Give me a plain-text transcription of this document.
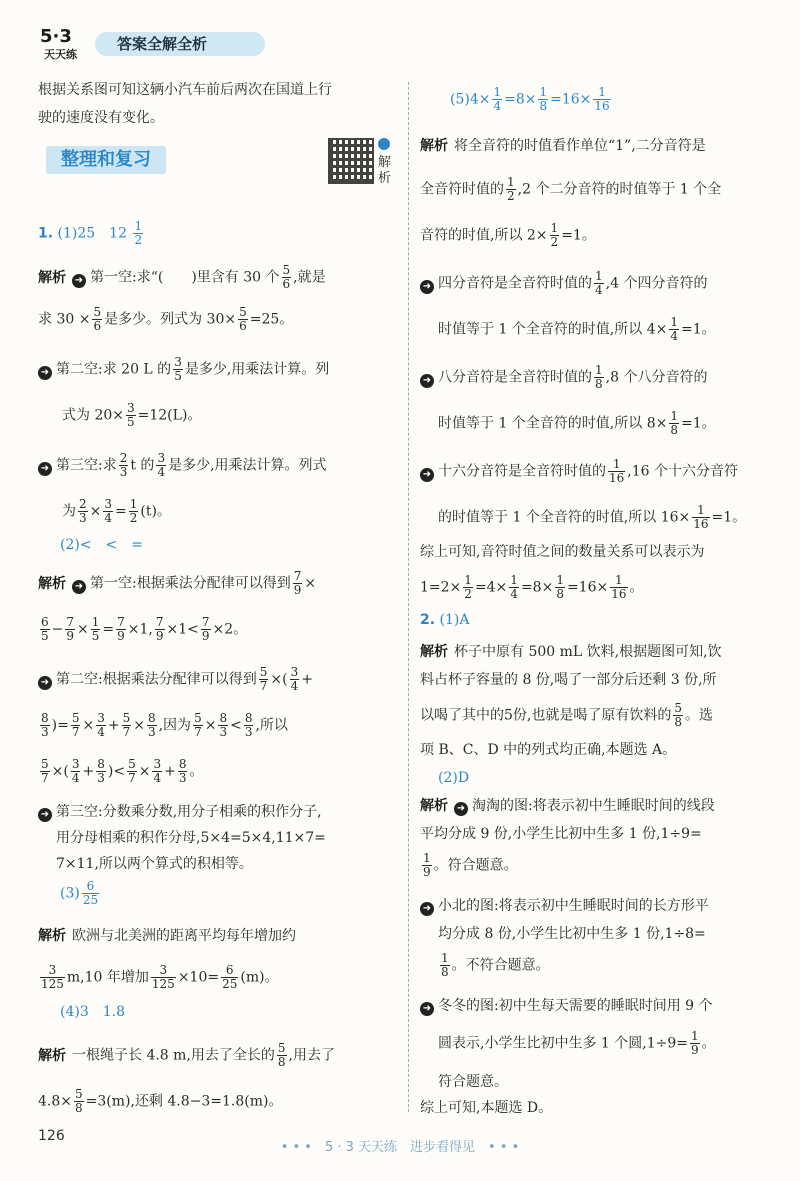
5·3
天天练
答案全解全析
根据关系图可知这辆小汽车前后两次在国道上行
驶的速度没有变化。
整理和复习	解析
1. (1)25　$12 \frac{1}{2}$
解析 ➜ 第一空:求“(　　)里含有 30 个 $\frac{5}{6}$ ,就是
求 $30 \times \frac{5}{6}$ 是多少。列式为 $30\times \frac{5}{6} =25$。
➜ 第二空:求 20 L 的 $\frac{3}{5}$ 是多少,用乘法计算。列
式为 $20\times \frac{3}{5} =12(L)$。
➜ 第三空:求 $\frac{2}{3}$ t 的 $\frac{3}{4}$ 是多少,用乘法计算。列式
为 $\frac{2}{3} \times \frac{3}{4} = \frac{1}{2} (t)$。
(2)<　<　=
解析 ➜ 第一空:根据乘法分配律可以得到 $\frac{7}{9}$ ×
$\frac{6}{5} - \frac{7}{9} \times \frac{1}{5} = \frac{7}{9} \times 1$, $\frac{7}{9} \times 1< \frac{7}{9} \times 2$。
➜ 第二空:根据乘法分配律可以得到 $\frac{5}{7}$ ×( $\frac{3}{4}$ +
$\frac{8}{3}$ )= $\frac{5}{7} \times \frac{3}{4} + \frac{5}{7} \times \frac{8}{3}$ ,因为 $\frac{5}{7} \times \frac{8}{3} < \frac{8}{3}$ ,所以
$\frac{5}{7}$ ×( $\frac{3}{4} + \frac{8}{3}$ )< $\frac{5}{7} \times \frac{3}{4} + \frac{8}{3}$ 。
➜ 第三空:分数乘分数,用分子相乘的积作分子,
用分母相乘的积作分母,5×4=5×4,11×7=
7×11,所以两个算式的积相等。
$(3) \frac{6}{25}$
解析 欧洲与北美洲的距离平均每年增加约
$\frac{3}{125} m,10$ 年增加 $\frac{3}{125} \times 10= \frac{6}{25} (m)$。
(4)3　1.8
解析 一根绳子长 4.8 m,用去了全长的 $\frac{5}{8}$ ,用去了
$4.8\times \frac{5}{8} =3(m)$,还剩 4.8−3=1.8(m)。
$(5)4\times \frac{1}{4} =8\times \frac{1}{8} =16\times \frac{1}{16}$
解析 将全音符的时值看作单位“1”,二分音符是
全音符时值的 $\frac{1}{2} ,2$ 个二分音符的时值等于 1 个全
音符的时值,所以 $2\times \frac{1}{2} =1$。
➜ 四分音符是全音符时值的 $\frac{1}{4} ,4$ 个四分音符的
时值等于 1 个全音符的时值,所以 $4\times \frac{1}{4} =1$。
➜ 八分音符是全音符时值的 $\frac{1}{8} ,8$ 个八分音符的
时值等于 1 个全音符的时值,所以 $8\times \frac{1}{8} =1$。
➜ 十六分音符是全音符时值的 $\frac{1}{16} ,16$ 个十六分音符
的时值等于 1 个全音符的时值,所以 $16\times \frac{1}{16} =1$。
综上可知,音符时值之间的数量关系可以表示为
$1=2\times \frac{1}{2} =4\times \frac{1}{4} =8\times \frac{1}{8} =16\times \frac{1}{16}$ 。
2. (1)A
解析 杯子中原有 500 mL 饮料,根据题图可知,饮
料占杯子容量的 8 份,喝了一部分后还剩 3 份,所
以喝了其中的5份,也就是喝了原有饮料的 $\frac{5}{8}$ 。选
项 B、C、D 中的列式均正确,本题选 A。
(2)D
解析 ➜ 淘淘的图:将表示初中生睡眠时间的线段
平均分成 9 份,小学生比初中生多 1 份,1÷9=
$\frac{1}{9}$ 。符合题意。
➜ 小北的图:将表示初中生睡眠时间的长方形平
均分成 8 份,小学生比初中生多 1 份,1÷8=
$\frac{1}{8}$ 。不符合题意。
➜ 冬冬的图:初中生每天需要的睡眠时间用 9 个
圆表示,小学生比初中生多 1 个圆$,1\div 9= \frac{1}{9}$ 。
符合题意。
综上可知,本题选 D。
126
• • •　5 · 3 天天练　进步看得见　• • •
